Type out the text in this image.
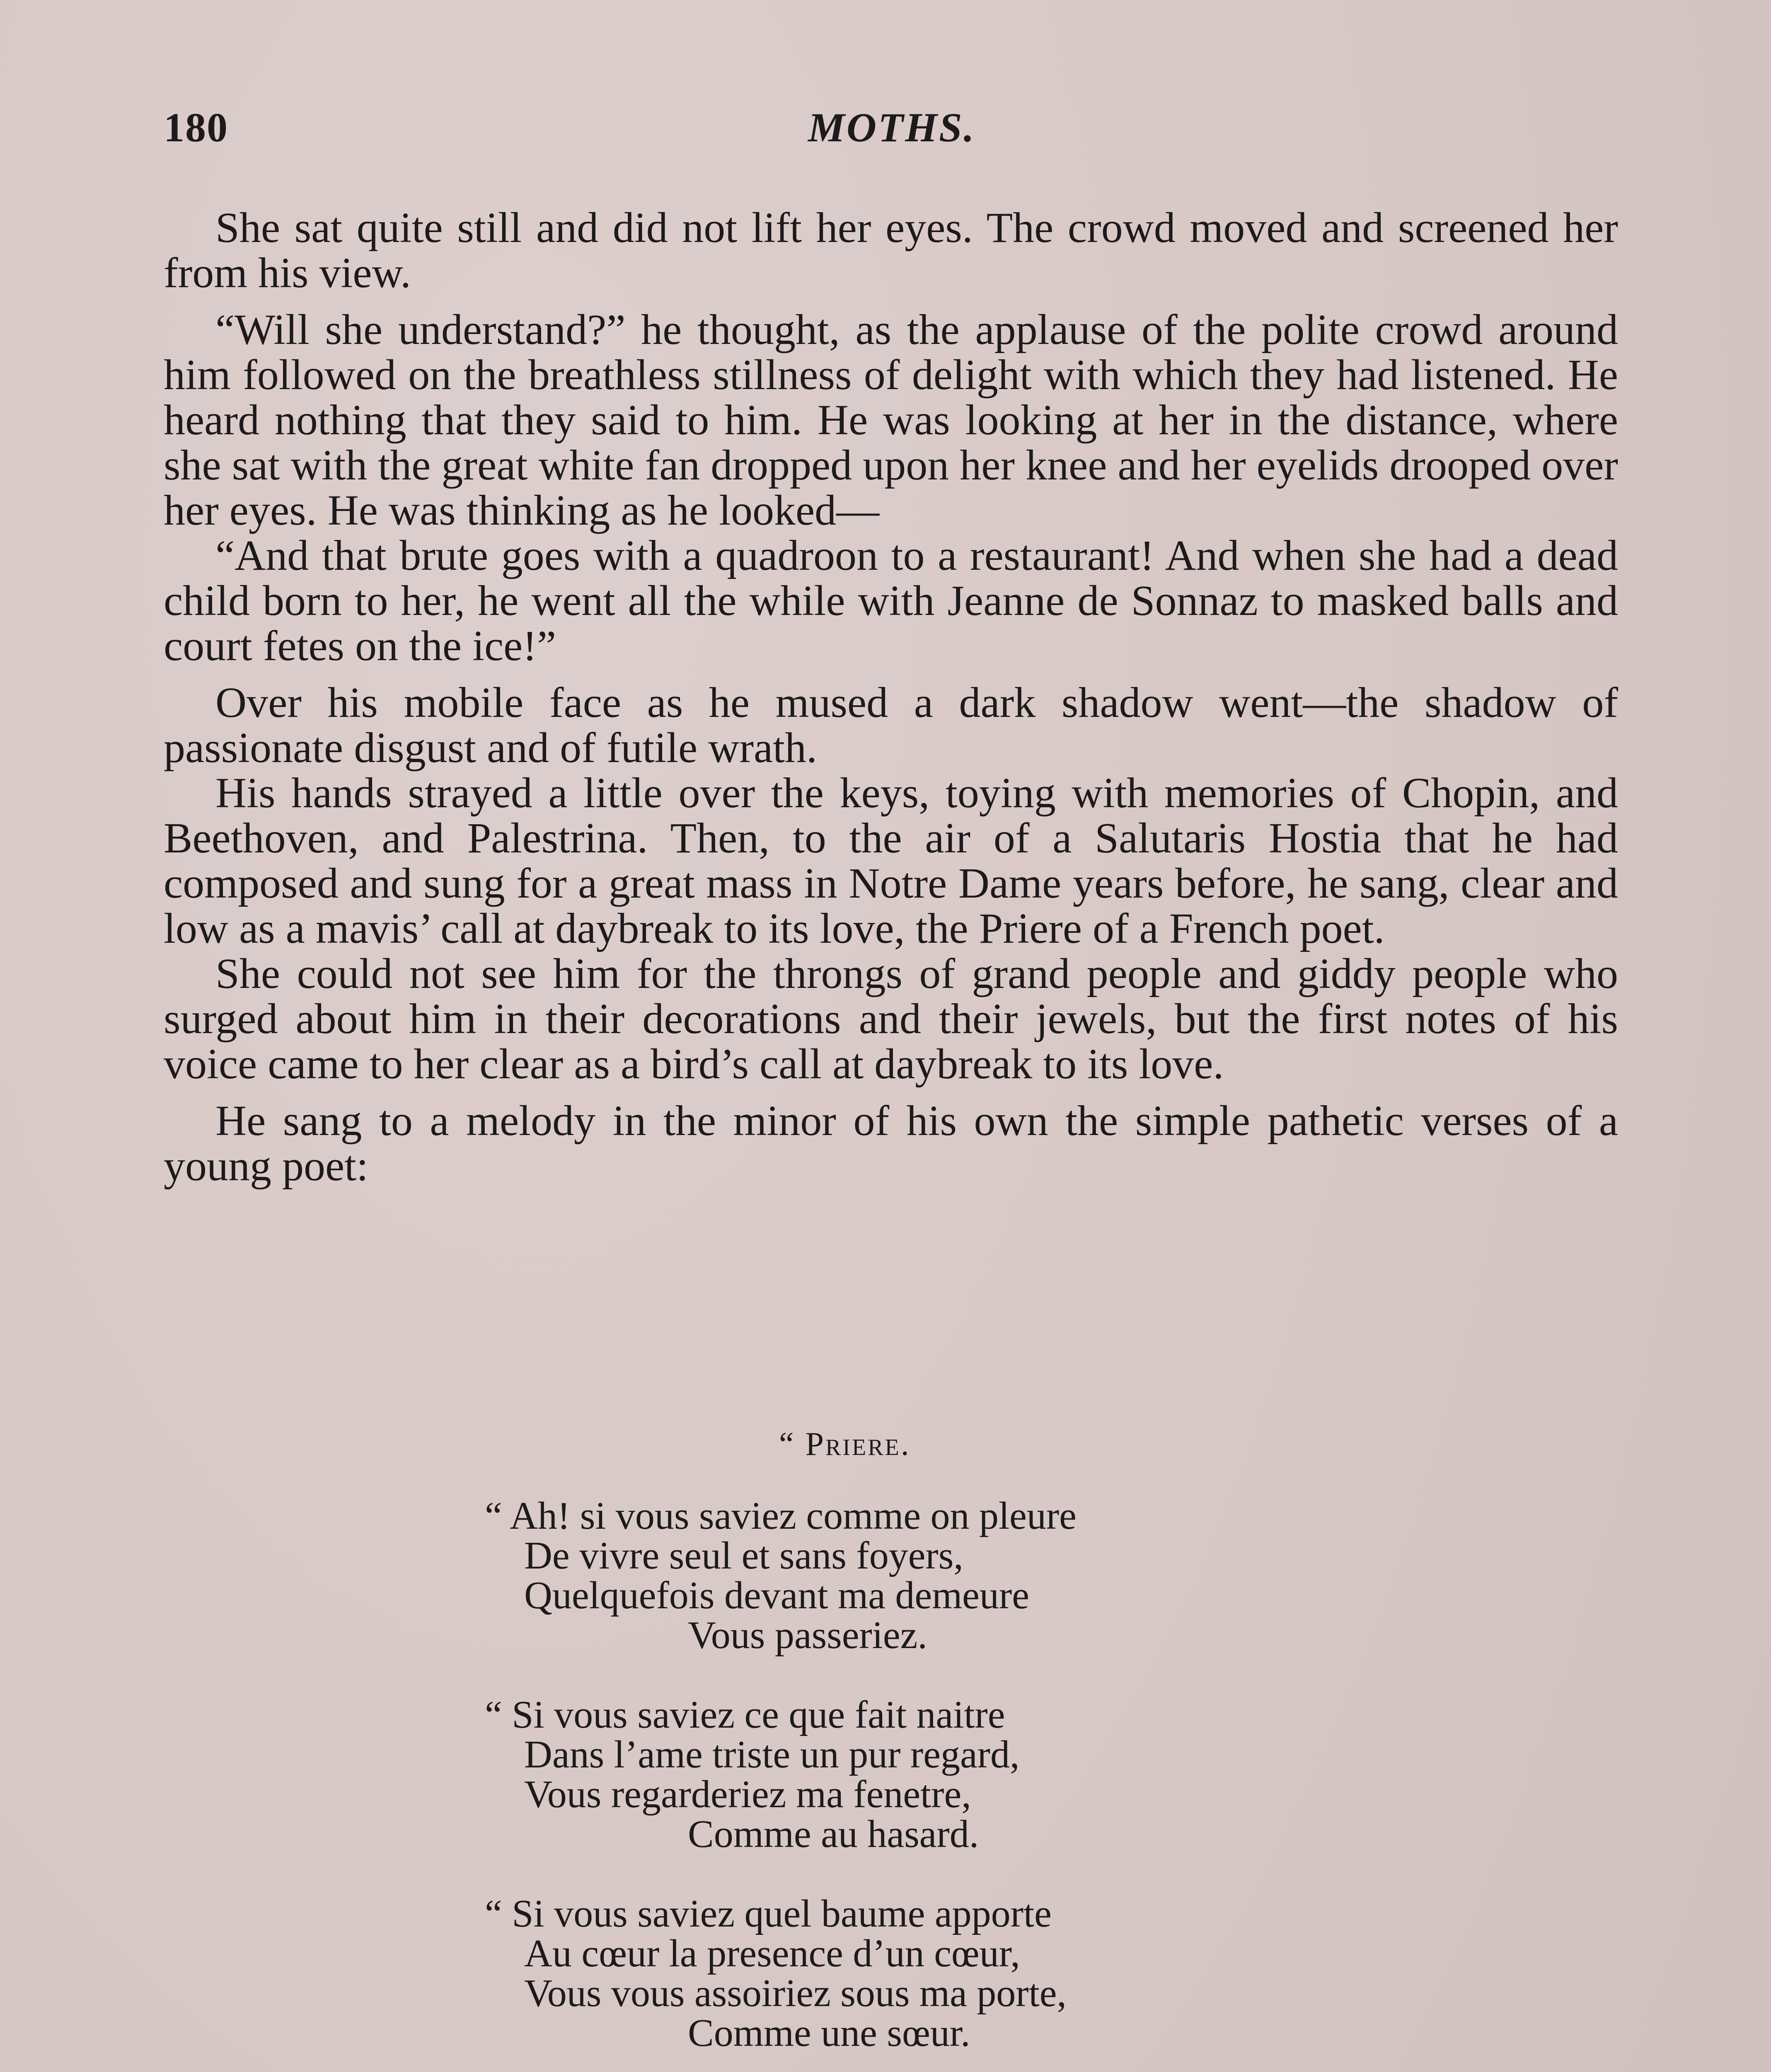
180	MOTHS.

She sat quite still and did not lift her eyes. The crowd moved and screened her from his view.

“Will she understand?” he thought, as the applause of the polite crowd around him followed on the breathless stillness of delight with which they had listened. He heard nothing that they said to him. He was looking at her in the distance, where she sat with the great white fan dropped upon her knee and her eyelids drooped over her eyes. He was thinking as he looked—

“And that brute goes with a quadroon to a restaurant! And when she had a dead child born to her, he went all the while with Jeanne de Sonnaz to masked balls and court fetes on the ice!”

Over his mobile face as he mused a dark shadow went—the shadow of passionate disgust and of futile wrath.

His hands strayed a little over the keys, toying with memories of Chopin, and Beethoven, and Palestrina. Then, to the air of a Salutaris Hostia that he had composed and sung for a great mass in Notre Dame years before, he sang, clear and low as a mavis’ call at daybreak to its love, the Priere of a French poet.

She could not see him for the throngs of grand people and giddy people who surged about him in their decorations and their jewels, but the first notes of his voice came to her clear as a bird’s call at daybreak to its love.

He sang to a melody in the minor of his own the simple pathetic verses of a young poet:

“ Priere.
“ Ah! si vous saviez comme on pleure
De vivre seul et sans foyers,
Quelquefois devant ma demeure
Vous passeriez.
“ Si vous saviez ce que fait naitre
Dans l’ame triste un pur regard,
Vous regarderiez ma fenetre,
Comme au hasard.
“ Si vous saviez quel baume apporte
Au cœur la presence d’un cœur,
Vous vous assoiriez sous ma porte,
Comme une sœur.
